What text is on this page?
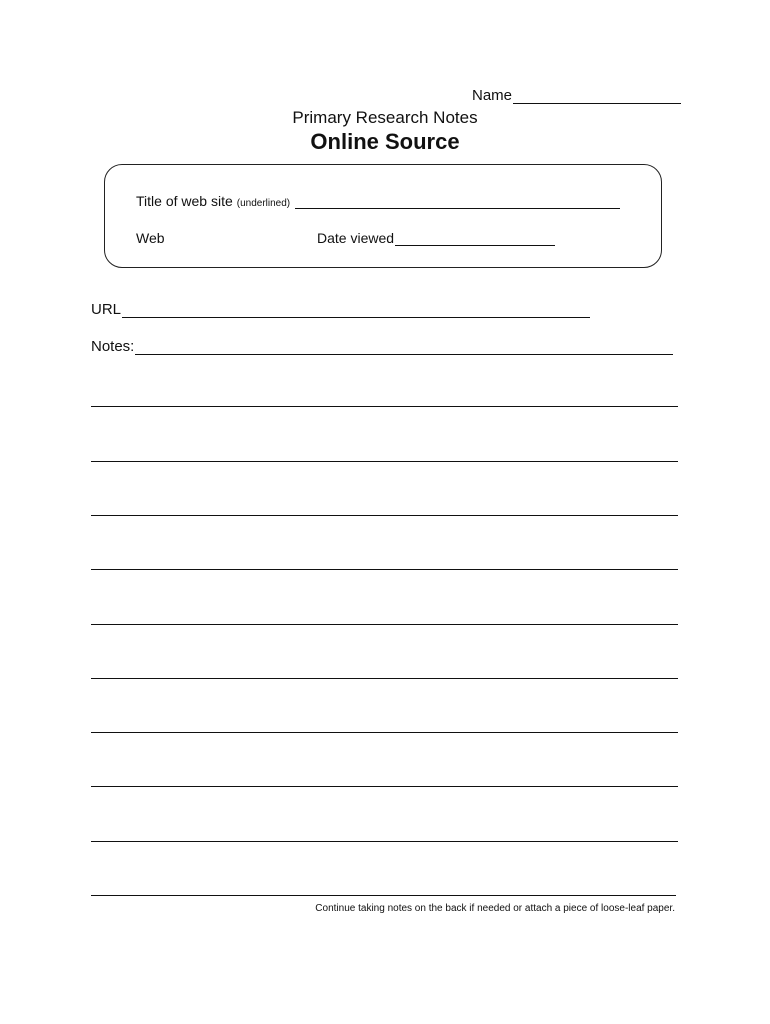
Name
Primary Research Notes
Online Source
Title of web site (underlined)
Web	Date viewed
URL
Notes:
Continue taking notes on the back if needed or attach a piece of loose-leaf paper.
